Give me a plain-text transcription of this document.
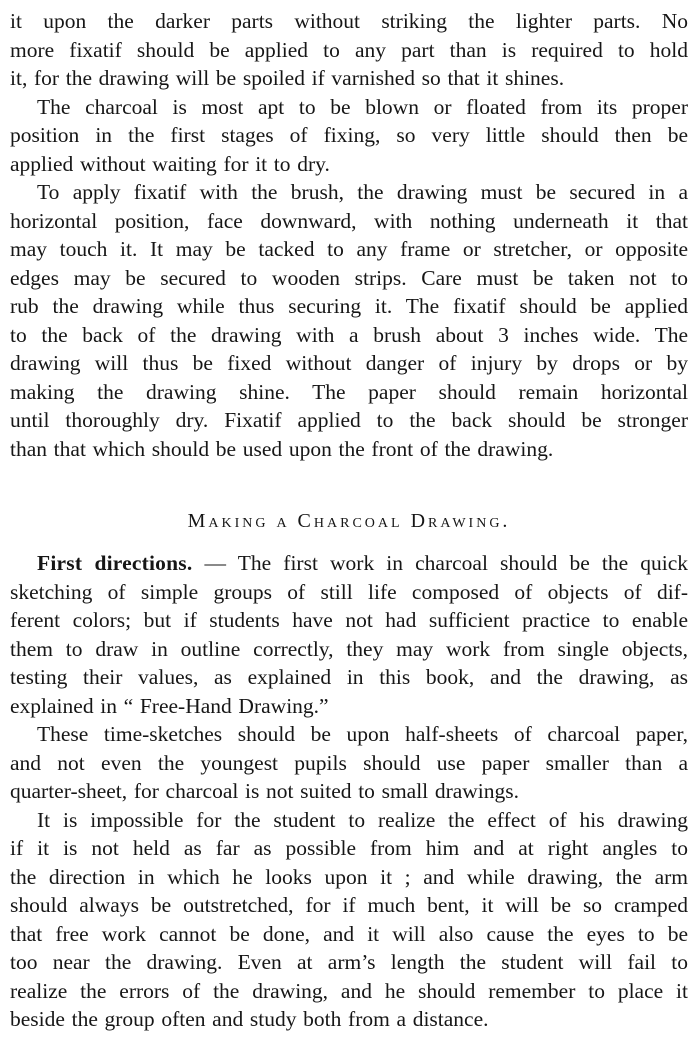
it upon the darker parts without striking the lighter parts. No
more fixatif should be applied to any part than is required to hold
it, for the drawing will be spoiled if varnished so that it shines.
The charcoal is most apt to be blown or floated from its proper
position in the first stages of fixing, so very little should then be
applied without waiting for it to dry.
To apply fixatif with the brush, the drawing must be secured in a
horizontal position, face downward, with nothing underneath it that
may touch it. It may be tacked to any frame or stretcher, or opposite
edges may be secured to wooden strips. Care must be taken not to
rub the drawing while thus securing it. The fixatif should be applied
to the back of the drawing with a brush about 3 inches wide. The
drawing will thus be fixed without danger of injury by drops or by
making the drawing shine. The paper should remain horizontal
until thoroughly dry. Fixatif applied to the back should be stronger
than that which should be used upon the front of the drawing.
Making a Charcoal Drawing.
First directions. — The first work in charcoal should be the quick
sketching of simple groups of still life composed of objects of dif-
ferent colors; but if students have not had sufficient practice to enable
them to draw in outline correctly, they may work from single objects,
testing their values, as explained in this book, and the drawing, as
explained in “ Free-Hand Drawing.”
These time-sketches should be upon half-sheets of charcoal paper,
and not even the youngest pupils should use paper smaller than a
quarter-sheet, for charcoal is not suited to small drawings.
It is impossible for the student to realize the effect of his drawing
if it is not held as far as possible from him and at right angles to
the direction in which he looks upon it ; and while drawing, the arm
should always be outstretched, for if much bent, it will be so cramped
that free work cannot be done, and it will also cause the eyes to be
too near the drawing. Even at arm’s length the student will fail to
realize the errors of the drawing, and he should remember to place it
beside the group often and study both from a distance.
